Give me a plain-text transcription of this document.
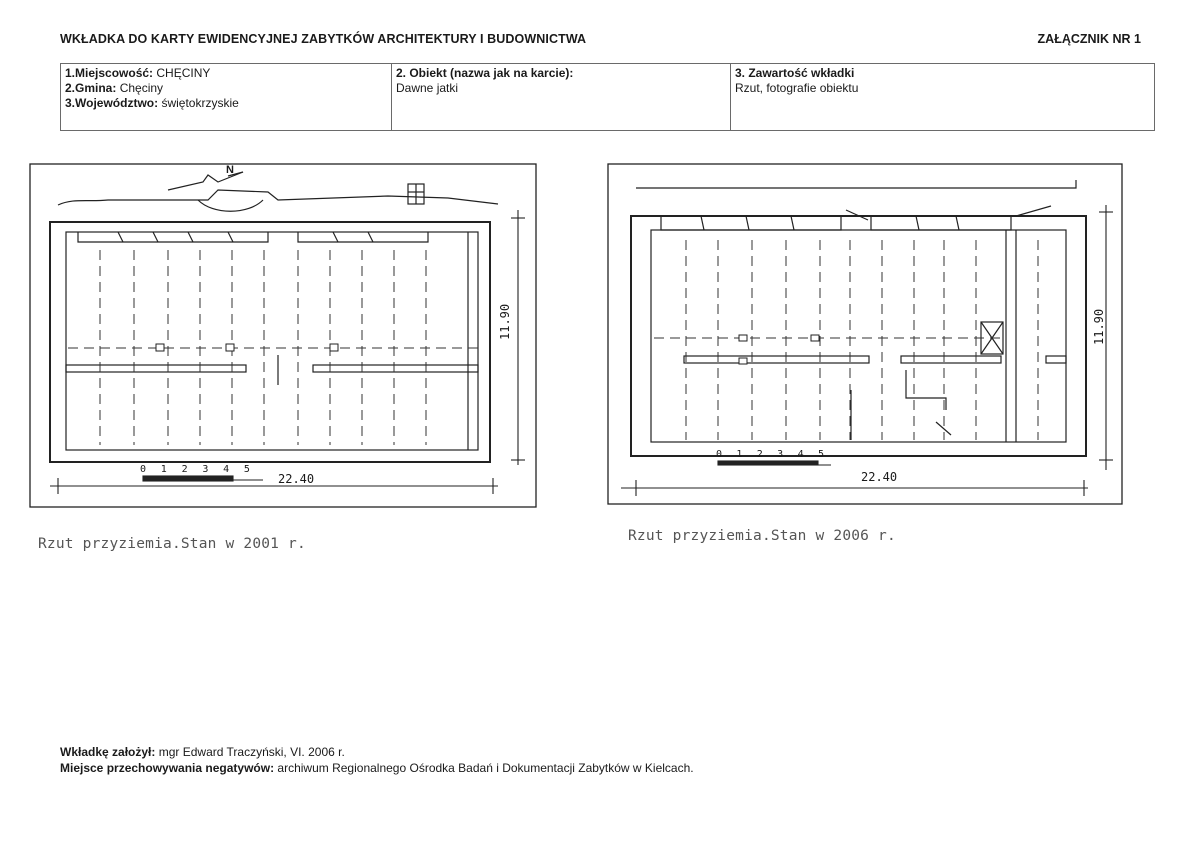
WKŁADKA DO KARTY EWIDENCYJNEJ ZABYTKÓW ARCHITEKTURY I BUDOWNICTWA	ZAŁĄCZNIK NR 1
1.Miejscowość: CHĘCINY
2.Gmina: Chęciny
3.Województwo: świętokrzyskie

2. Obiekt (nazwa jak na karcie):
Dawne jatki

3. Zawartość wkładki
Rzut, fotografie obiektu
0 1 2 3 4 5
22.40
11.90
N
Rzut przyziemia.Stan w 2001 r.
0 1 2 3 4 5
22.40
11.90
Rzut przyziemia.Stan w 2006 r.
Wkładkę założył: mgr Edward Traczyński, VI. 2006 r.
Miejsce przechowywania negatywów: archiwum Regionalnego Ośrodka Badań i Dokumentacji Zabytków w Kielcach.
